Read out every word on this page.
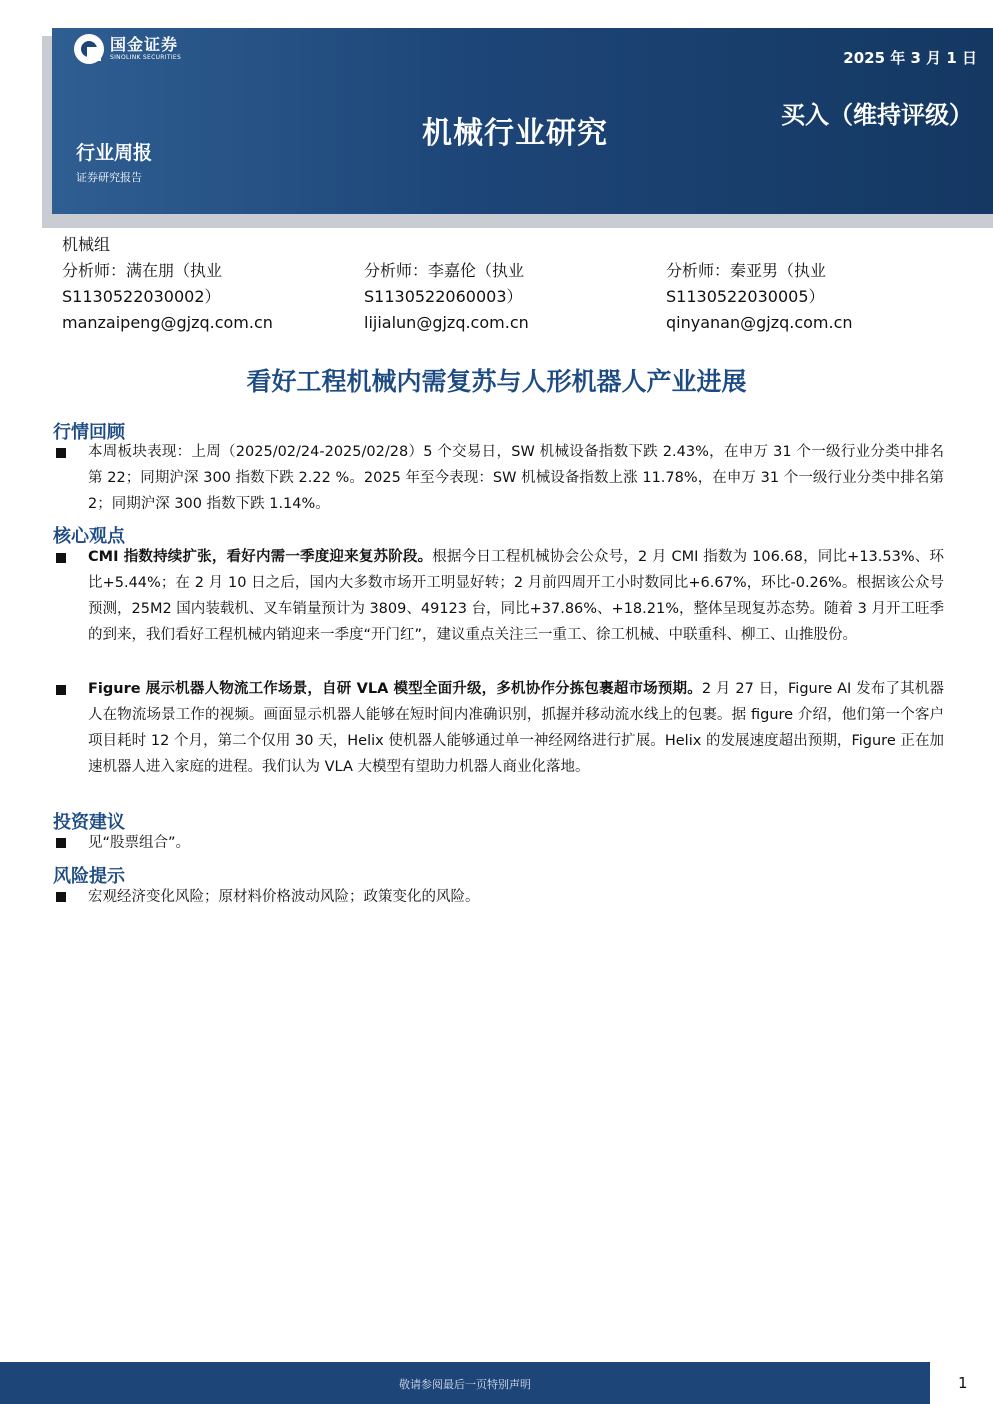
国金证券
SINOLINK SECURITIES	2025 年 3 月 1 日
机械行业研究
买入（维持评级）
行业周报
证券研究报告
机械组
分析师：满在朋（执业
S1130522030002）
manzaipeng@gjzq.com.cn
分析师：李嘉伦（执业
S1130522060003）
lijialun@gjzq.com.cn
分析师：秦亚男（执业
S1130522030005）
qinyanan@gjzq.com.cn
看好工程机械内需复苏与人形机器人产业进展
行情回顾
本周板块表现：上周（2025/02/24-2025/02/28）5 个交易日，SW 机械设备指数下跌 2.43%，在申万 31 个一级行业分类中排名第 22；同期沪深 300 指数下跌 2.22 %。2025 年至今表现：SW 机械设备指数上涨 11.78%，在申万 31 个一级行业分类中排名第 2；同期沪深 300 指数下跌 1.14%。
核心观点
CMI 指数持续扩张，看好内需一季度迎来复苏阶段。根据今日工程机械协会公众号，2 月 CMI 指数为 106.68，同比+13.53%、环比+5.44%；在 2 月 10 日之后，国内大多数市场开工明显好转；2 月前四周开工小时数同比+6.67%，环比-0.26%。根据该公众号预测，25M2 国内装载机、叉车销量预计为 3809、49123 台，同比+37.86%、+18.21%，整体呈现复苏态势。随着 3 月开工旺季的到来，我们看好工程机械内销迎来一季度“开门红”，建议重点关注三一重工、徐工机械、中联重科、柳工、山推股份。
Figure 展示机器人物流工作场景，自研 VLA 模型全面升级，多机协作分拣包裹超市场预期。2 月 27 日，Figure AI 发布了其机器人在物流场景工作的视频。画面显示机器人能够在短时间内准确识别，抓握并移动流水线上的包裹。据 figure 介绍，他们第一个客户项目耗时 12 个月，第二个仅用 30 天，Helix 使机器人能够通过单一神经网络进行扩展。Helix 的发展速度超出预期，Figure 正在加速机器人进入家庭的进程。我们认为 VLA 大模型有望助力机器人商业化落地。
投资建议
见“股票组合”。
风险提示
宏观经济变化风险；原材料价格波动风险；政策变化的风险。
敬请参阅最后一页特别声明	1
